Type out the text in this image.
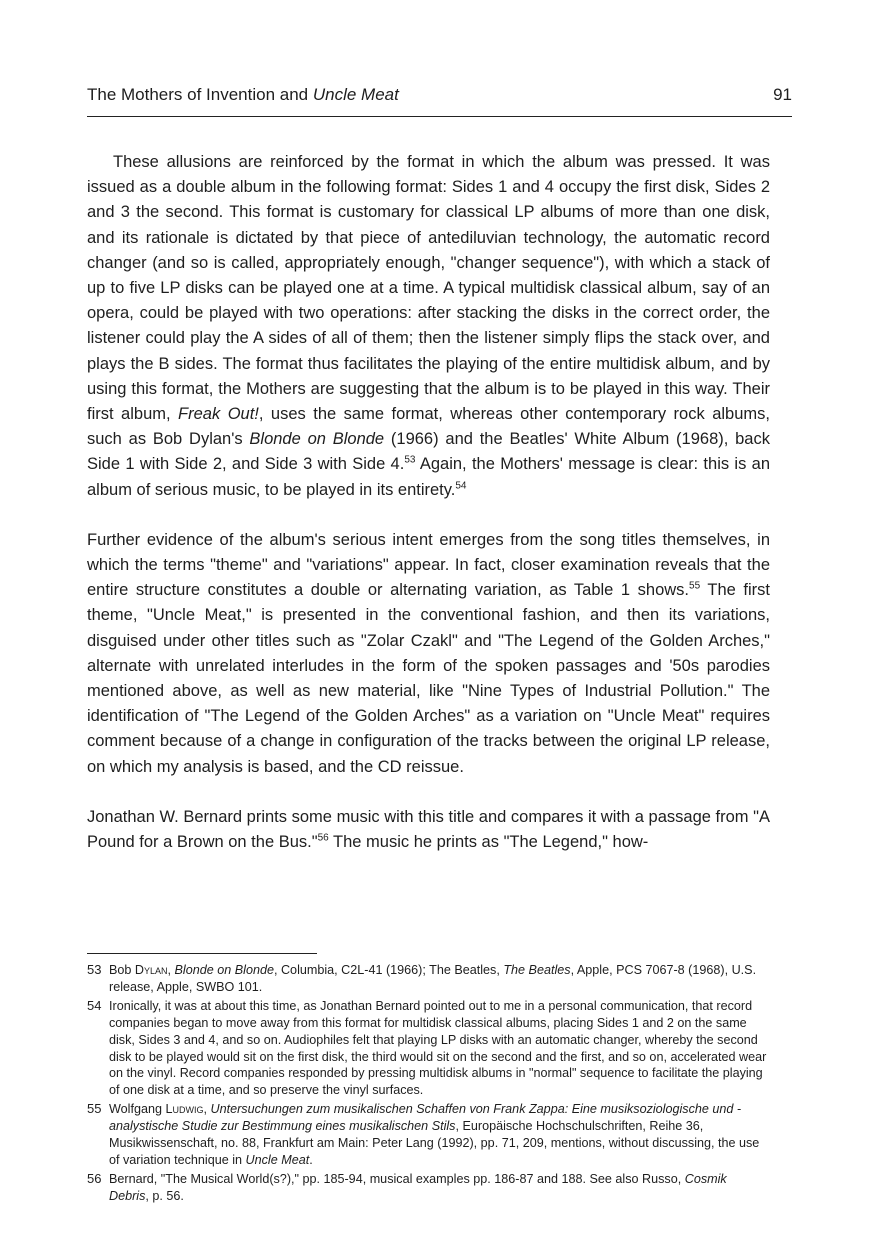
The Mothers of Invention and Uncle Meat	91

These allusions are reinforced by the format in which the album was pressed. It was issued as a double album in the following format: Sides 1 and 4 occupy the first disk, Sides 2 and 3 the second. This format is customary for classical LP albums of more than one disk, and its rationale is dictated by that piece of antediluvian technology, the automatic record changer (and so is called, appropriately enough, "changer sequence"), with which a stack of up to five LP disks can be played one at a time. A typical multidisk classical album, say of an opera, could be played with two operations: after stacking the disks in the correct order, the listener could play the A sides of all of them; then the listener simply flips the stack over, and plays the B sides. The format thus facilitates the playing of the entire multidisk album, and by using this format, the Mothers are suggesting that the album is to be played in this way. Their first album, Freak Out!, uses the same format, whereas other contemporary rock albums, such as Bob Dylan's Blonde on Blonde (1966) and the Beatles' White Album (1968), back Side 1 with Side 2, and Side 3 with Side 4.53 Again, the Mothers' message is clear: this is an album of serious music, to be played in its entirety.$^{54}$

Further evidence of the album's serious intent emerges from the song titles themselves, in which the terms "theme" and "variations" appear. In fact, closer examination reveals that the entire structure constitutes a double or alternating variation, as Table 1 shows.$^{55}$ The first theme, "Uncle Meat," is presented in the conventional fashion, and then its variations, disguised under other titles such as "Zolar Czakl" and "The Legend of the Golden Arches," alternate with unrelated interludes in the form of the spoken passages and '50s parodies mentioned above, as well as new material, like "Nine Types of Industrial Pollution." The identification of "The Legend of the Golden Arches" as a variation on "Uncle Meat" requires comment because of a change in configuration of the tracks between the original LP release, on which my analysis is based, and the CD reissue.

Jonathan W. Bernard prints some music with this title and compares it with a passage from "A Pound for a Brown on the Bus."$^{56}$ The music he prints as "The Legend," how-

53 Bob Dylan, Blonde on Blonde, Columbia, C2L-41 (1966); The Beatles, The Beatles, Apple, PCS 7067-8 (1968), U.S. release, Apple, SWBO 101.
54 Ironically, it was at about this time, as Jonathan Bernard pointed out to me in a personal communication, that record companies began to move away from this format for multidisk classical albums, placing Sides 1 and 2 on the same disk, Sides 3 and 4, and so on. Audiophiles felt that playing LP disks with an automatic changer, whereby the second disk to be played would sit on the first disk, the third would sit on the second and the first, and so on, accelerated wear on the vinyl. Record companies responded by pressing multidisk albums in "normal" sequence to facilitate the playing of one disk at a time, and so preserve the vinyl surfaces.
55 Wolfgang Ludwig, Untersuchungen zum musikalischen Schaffen von Frank Zappa: Eine musiksoziologische und -analystische Studie zur Bestimmung eines musikalischen Stils, Europäische Hochschulschriften, Reihe 36, Musikwissenschaft, no. 88, Frankfurt am Main: Peter Lang (1992), pp. 71, 209, mentions, without discussing, the use of variation technique in Uncle Meat.
56 Bernard, "The Musical World(s?)," pp. 185-94, musical examples pp. 186-87 and 188. See also Russo, Cosmik Debris, p. 56.
